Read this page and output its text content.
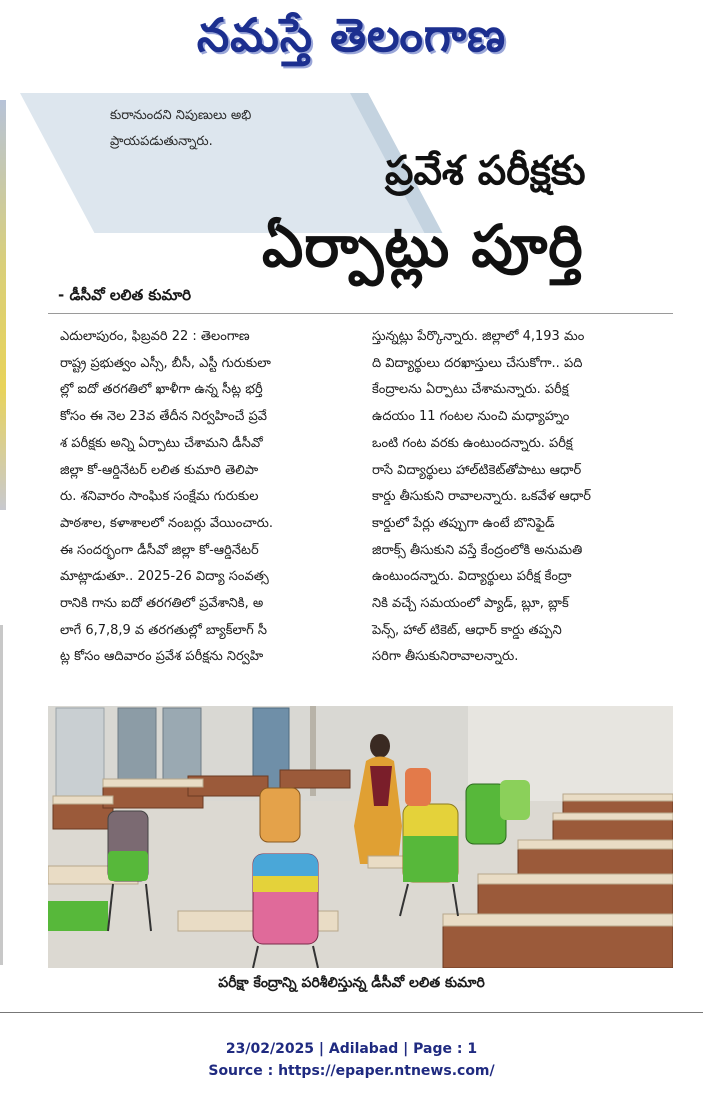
నమస్తే తెలంగాణ
కురానుందని నిపుణులు అభి
ప్రాయపడుతున్నారు.
ప్రవేశ పరీక్షకు
ఏర్పాట్లు పూర్తి
- డీసీవో లలిత కుమారి
ఎదులాపురం, ఫిబ్రవరి 22 : తెలంగాణ
రాష్ట్ర ప్రభుత్వం ఎస్సీ, బీసీ, ఎస్టీ గురుకులా
ల్లో ఐదో తరగతిలో ఖాళీగా ఉన్న సీట్ల భర్తీ
కోసం ఈ నెల 23వ తేదీన నిర్వహించే ప్రవే
శ పరీక్షకు అన్ని ఏర్పాటు చేశామని డీసీవో
జిల్లా కో-ఆర్డినేటర్ లలిత కుమారి తెలిపా
రు. శనివారం సాంఘిక సంక్షేమ గురుకుల
పాఠశాల, కళాశాలలో నంబర్లు వేయించారు.
ఈ సందర్భంగా డీసీవో జిల్లా కో-ఆర్డినేటర్
మాట్లాడుతూ.. 2025-26 విద్యా సంవత్స
రానికి గాను ఐదో తరగతిలో ప్రవేశానికి, అ
లాగే 6,7,8,9 వ తరగతుల్లో బ్యాక్‌లాగ్ సీ
ట్ల కోసం ఆదివారం ప్రవేశ పరీక్షను నిర్వహి
స్తున్నట్లు పేర్కొన్నారు. జిల్లాలో 4,193 మం
ది విద్యార్థులు దరఖాస్తులు చేసుకోగా.. పది
కేంద్రాలను ఏర్పాటు చేశామన్నారు. పరీక్ష
ఉదయం 11 గంటల నుంచి మధ్యాహ్నం
ఒంటి గంట వరకు ఉంటుందన్నారు. పరీక్ష
రాసే విద్యార్థులు హాల్‌టికెట్‌తోపాటు ఆధార్
కార్డు తీసుకుని రావాలన్నారు. ఒకవేళ ఆధార్
కార్డులో పేర్లు తప్పుగా ఉంటే బొనిఫైడ్
జిరాక్స్ తీసుకుని వస్తే కేంద్రంలోకి అనుమతి
ఉంటుందన్నారు. విద్యార్థులు పరీక్ష కేంద్రా
నికి వచ్చే సమయంలో ప్యాడ్, బ్లూ, బ్లాక్
పెన్స్, హాల్ టికెట్, ఆధార్ కార్డు తప్పని
సరిగా తీసుకునిరావాలన్నారు.
పరీక్షా కేంద్రాన్ని పరిశీలిస్తున్న డీసీవో లలిత కుమారి
23/02/2025 | Adilabad | Page : 1
Source : https://epaper.ntnews.com/
